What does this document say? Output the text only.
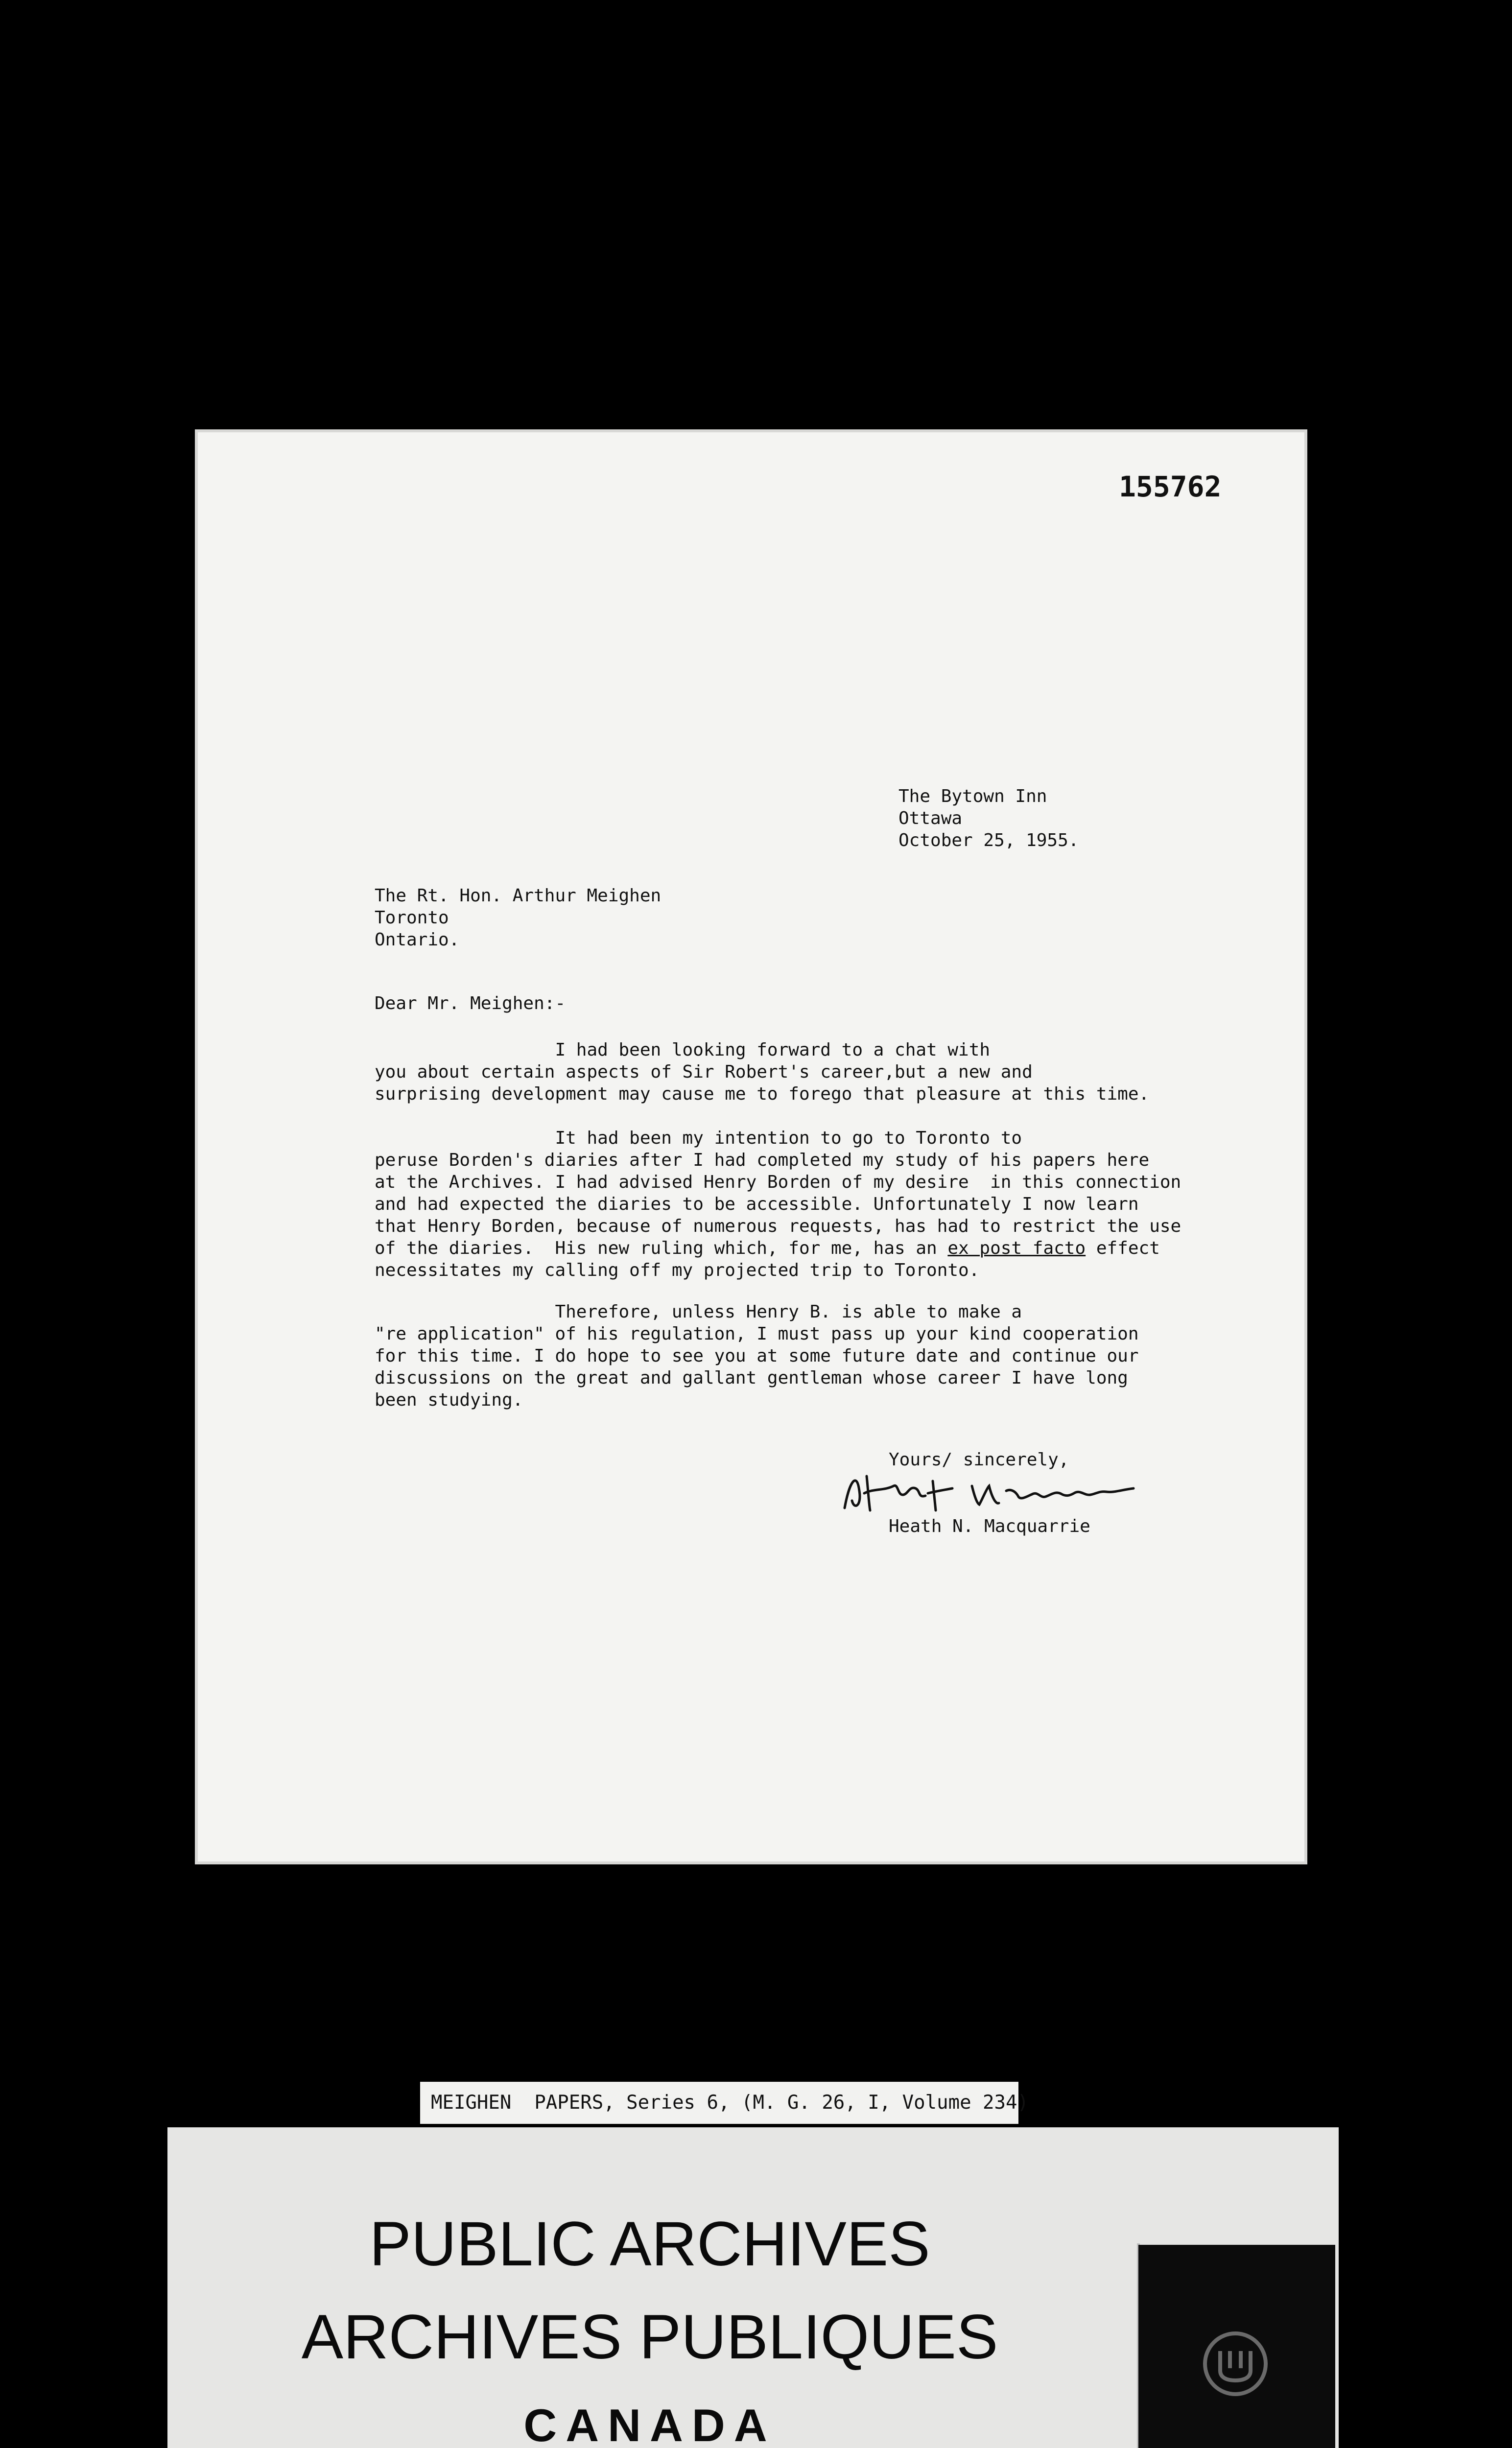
155762
The Bytown Inn
Ottawa
October 25, 1955.
The Rt. Hon. Arthur Meighen
Toronto
Ontario.
Dear Mr. Meighen:-
I had been looking forward to a chat with
you about certain aspects of Sir Robert's career,but a new and
surprising development may cause me to forego that pleasure at this time.
It had been my intention to go to Toronto to
peruse Borden's diaries after I had completed my study of his papers here
at the Archives. I had advised Henry Borden of my desire  in this connection
and had expected the diaries to be accessible. Unfortunately I now learn
that Henry Borden, because of numerous requests, has had to restrict the use
of the diaries.  His new ruling which, for me, has an ex post facto effect
necessitates my calling off my projected trip to Toronto.
Therefore, unless Henry B. is able to make a
"re application" of his regulation, I must pass up your kind cooperation
for this time. I do hope to see you at some future date and continue our
discussions on the great and gallant gentleman whose career I have long
been studying.
Yours/ sincerely,
Heath N. Macquarrie
MEIGHEN  PAPERS, Series 6, (M. G. 26, I, Volume 234)
PUBLIC ARCHIVES
ARCHIVES PUBLIQUES
CANADA
